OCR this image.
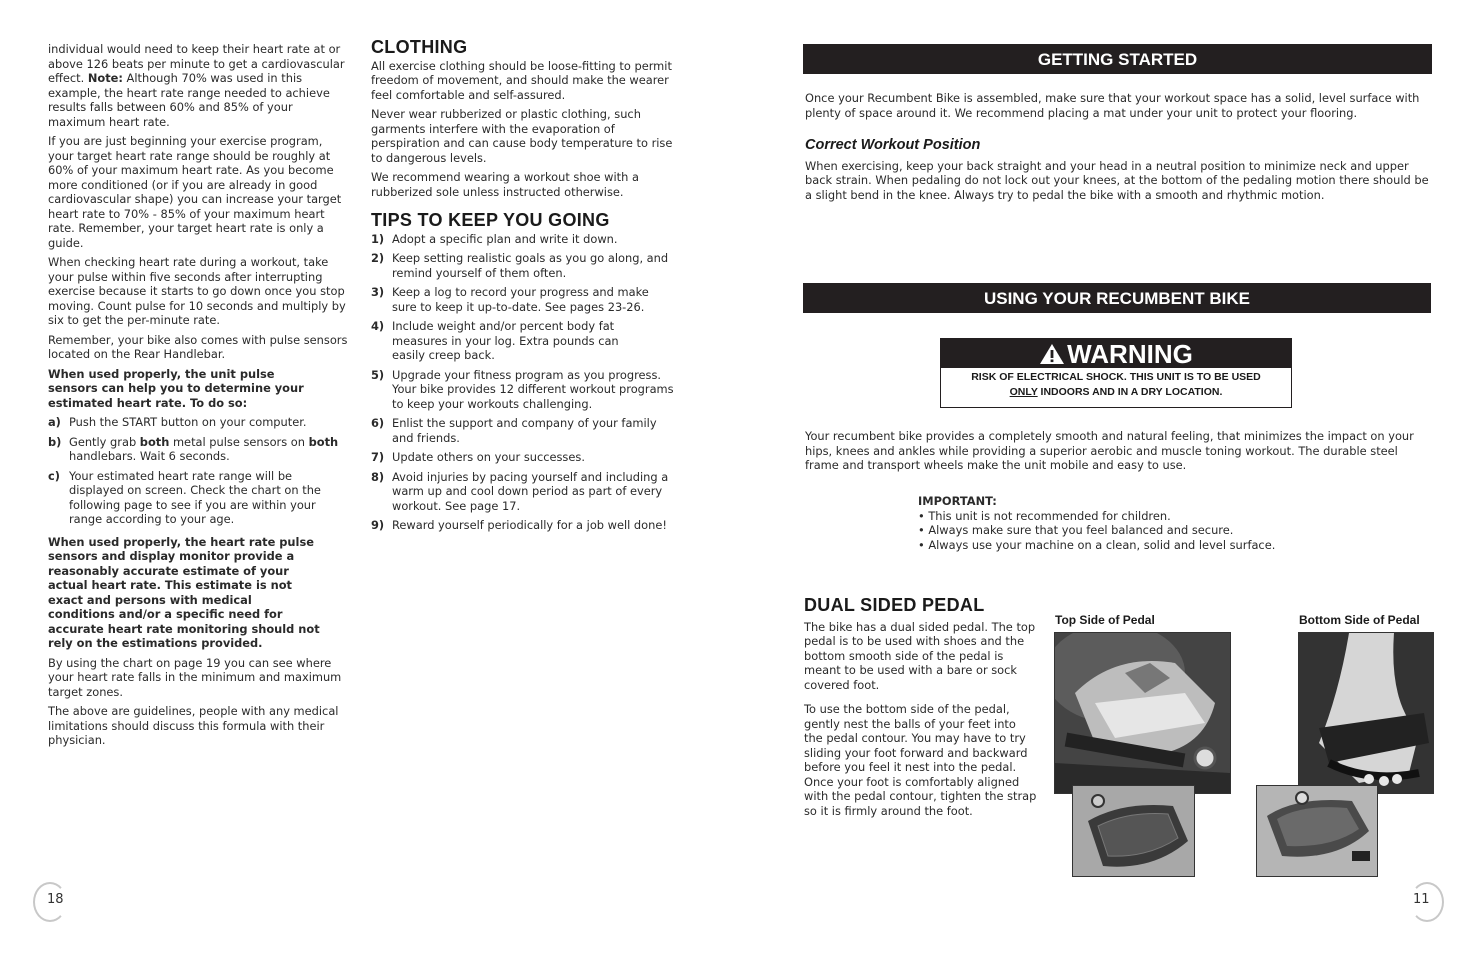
individual would need to keep their heart rate at or above 126 beats per minute to get a cardiovascular effect. Note: Although 70% was used in this example, the heart rate range needed to achieve results falls between 60% and 85% of your maximum heart rate.

If you are just beginning your exercise program, your target heart rate range should be roughly at 60% of your maximum heart rate. As you become more conditioned (or if you are already in good cardiovascular shape) you can increase your target heart rate to 70% - 85% of your maximum heart rate. Remember, your target heart rate is only a guide.

When checking heart rate during a workout, take your pulse within five seconds after interrupting exercise because it starts to go down once you stop moving. Count pulse for 10 seconds and multiply by six to get the per-minute rate.

Remember, your bike also comes with pulse sensors located on the Rear Handlebar.

When used properly, the unit pulse sensors can help you to determine your estimated heart rate. To do so:

a) Push the START button on your computer.
b) Gently grab both metal pulse sensors on both handlebars. Wait 6 seconds.
c) Your estimated heart rate range will be displayed on screen. Check the chart on the following page to see if you are within your range according to your age.

When used properly, the heart rate pulse sensors and display monitor provide a reasonably accurate estimate of your actual heart rate. This estimate is not exact and persons with medical conditions and/or a specific need for accurate heart rate monitoring should not rely on the estimations provided.

By using the chart on page 19 you can see where your heart rate falls in the minimum and maximum target zones.

The above are guidelines, people with any medical limitations should discuss this formula with their physician.

CLOTHING

All exercise clothing should be loose-fitting to permit freedom of movement, and should make the wearer feel comfortable and self-assured.

Never wear rubberized or plastic clothing, such garments interfere with the evaporation of perspiration and can cause body temperature to rise to dangerous levels.

We recommend wearing a workout shoe with a rubberized sole unless instructed otherwise.

TIPS TO KEEP YOU GOING
1) Adopt a specific plan and write it down.
2) Keep setting realistic goals as you go along, and remind yourself of them often.
3) Keep a log to record your progress and make sure to keep it up-to-date. See pages 23-26.
4) Include weight and/or percent body fat measures in your log. Extra pounds can easily creep back.
5) Upgrade your fitness program as you progress. Your bike provides 12 different workout programs to keep your workouts challenging.
6) Enlist the support and company of your family and friends.
7) Update others on your successes.
8) Avoid injuries by pacing yourself and including a warm up and cool down period as part of every workout. See page 17.
9) Reward yourself periodically for a job well done!
18
GETTING STARTED

Once your Recumbent Bike is assembled, make sure that your workout space has a solid, level surface with plenty of space around it. We recommend placing a mat under your unit to protect your flooring.

Correct Workout Position

When exercising, keep your back straight and your head in a neutral position to minimize neck and upper back strain. When pedaling do not lock out your knees, at the bottom of the pedaling motion there should be a slight bend in the knee. Always try to pedal the bike with a smooth and rhythmic motion.

USING YOUR RECUMBENT BIKE
WARNING
RISK OF ELECTRICAL SHOCK. THIS UNIT IS TO BE USED
ONLY INDOORS AND IN A DRY LOCATION.

Your recumbent bike provides a completely smooth and natural feeling, that minimizes the impact on your hips, knees and ankles while providing a superior aerobic and muscle toning workout. The durable steel frame and transport wheels make the unit mobile and easy to use.

IMPORTANT:
• This unit is not recommended for children.
• Always make sure that you feel balanced and secure.
• Always use your machine on a clean, solid and level surface.
DUAL SIDED PEDAL

The bike has a dual sided pedal. The top pedal is to be used with shoes and the bottom smooth side of the pedal is meant to be used with a bare or sock covered foot.

To use the bottom side of the pedal, gently nest the balls of your feet into the pedal contour. You may have to try sliding your foot forward and backward before you feel it nest into the pedal. Once your foot is comfortably aligned with the pedal contour, tighten the strap so it is firmly around the foot.

Top Side of Pedal	Bottom Side of Pedal
11
